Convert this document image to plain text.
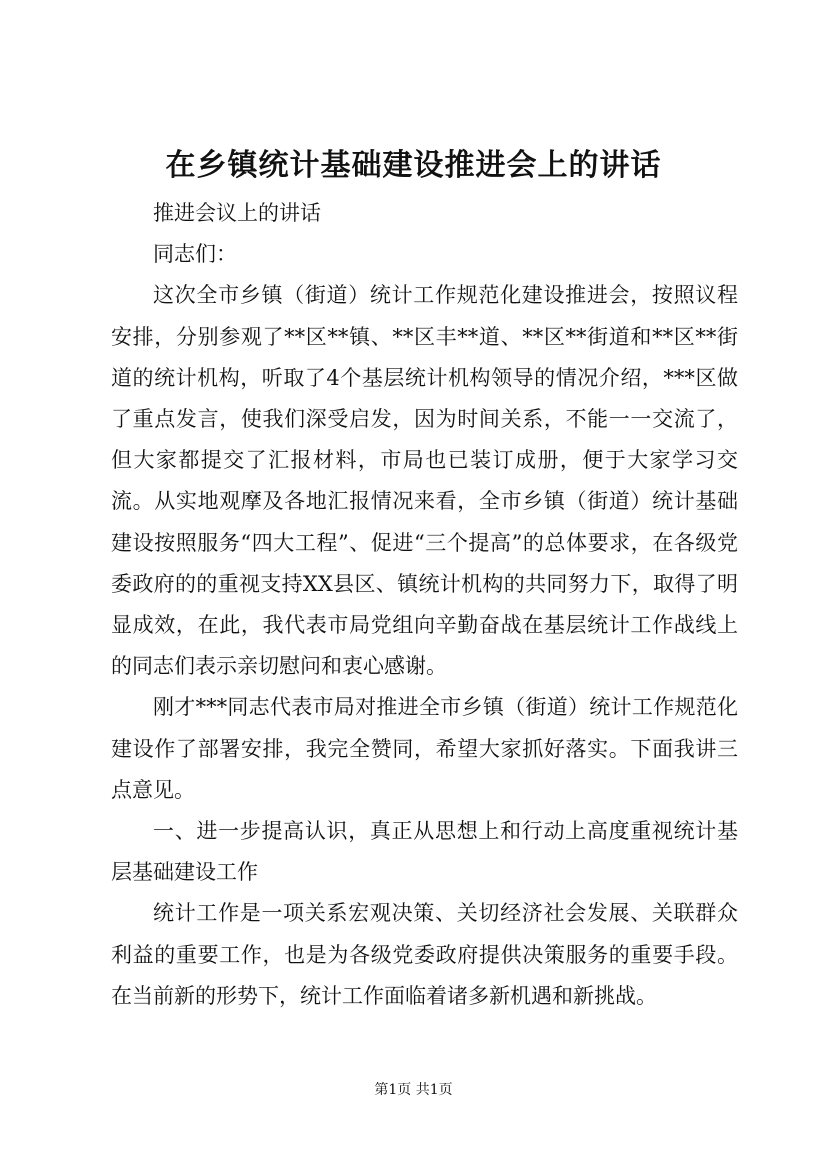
在乡镇统计基础建设推进会上的讲话

推进会议上的讲话

同志们：

这次全市乡镇（街道）统计工作规范化建设推进会，按照议程安排，分别参观了**区**镇、**区丰**道、**区**街道和**区**街道的统计机构，听取了4个基层统计机构领导的情况介绍，***区做了重点发言，使我们深受启发，因为时间关系，不能一一交流了，但大家都提交了汇报材料，市局也已装订成册，便于大家学习交流。从实地观摩及各地汇报情况来看，全市乡镇（街道）统计基础建设按照服务“四大工程”、促进“三个提高”的总体要求，在各级党委政府的的重视支持XX县区、镇统计机构的共同努力下，取得了明显成效，在此，我代表市局党组向辛勤奋战在基层统计工作战线上的同志们表示亲切慰问和衷心感谢。

刚才***同志代表市局对推进全市乡镇（街道）统计工作规范化建设作了部署安排，我完全赞同，希望大家抓好落实。下面我讲三点意见。

一、进一步提高认识，真正从思想上和行动上高度重视统计基层基础建设工作

统计工作是一项关系宏观决策、关切经济社会发展、关联群众利益的重要工作，也是为各级党委政府提供决策服务的重要手段。在当前新的形势下，统计工作面临着诸多新机遇和新挑战。

第1页 共1页
